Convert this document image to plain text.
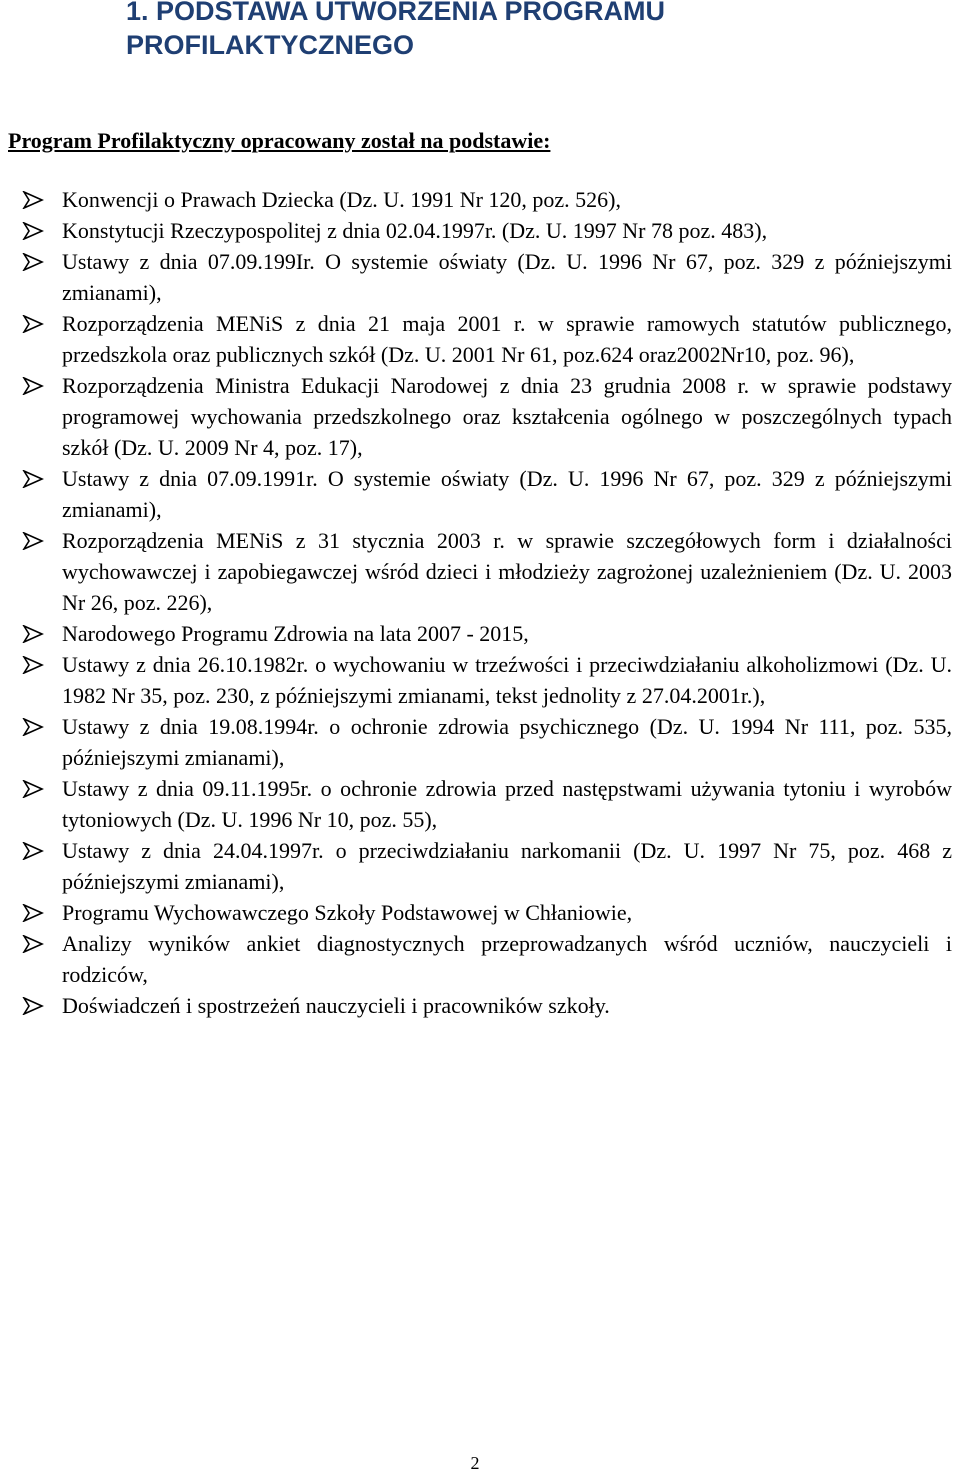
1. PODSTAWA UTWORZENIA PROGRAMU PROFILAKTYCZNEGO
Program Profilaktyczny opracowany został na podstawie:
Konwencji o Prawach Dziecka (Dz. U. 1991 Nr 120, poz. 526),
Konstytucji Rzeczypospolitej z dnia 02.04.1997r. (Dz. U. 1997 Nr 78 poz. 483),
Ustawy z dnia 07.09.199Ir. O systemie oświaty (Dz. U. 1996 Nr 67, poz. 329 z późniejszymi zmianami),
Rozporządzenia MENiS z dnia 21 maja 2001 r. w sprawie ramowych statutów publicznego, przedszkola oraz publicznych szkół (Dz. U. 2001 Nr 61, poz.624 oraz2002Nr10, poz. 96),
Rozporządzenia Ministra Edukacji Narodowej z dnia 23 grudnia 2008 r. w sprawie podstawy programowej wychowania przedszkolnego oraz kształcenia ogólnego w poszczególnych typach szkół (Dz. U. 2009 Nr 4, poz. 17),
Ustawy z dnia 07.09.1991r. O systemie oświaty (Dz. U. 1996 Nr 67, poz. 329 z późniejszymi zmianami),
Rozporządzenia MENiS z 31 stycznia 2003 r. w sprawie szczegółowych form i działalności wychowawczej i zapobiegawczej wśród dzieci i młodzieży zagrożonej uzależnieniem (Dz. U. 2003 Nr 26, poz. 226),
Narodowego Programu Zdrowia na lata 2007 - 2015,
Ustawy z dnia 26.10.1982r. o wychowaniu w trzeźwości i przeciwdziałaniu alkoholizmowi (Dz. U. 1982 Nr 35, poz. 230, z późniejszymi zmianami, tekst jednolity z 27.04.2001r.),
Ustawy z dnia 19.08.1994r. o ochronie zdrowia psychicznego (Dz. U. 1994 Nr 111, poz. 535, późniejszymi zmianami),
Ustawy z dnia 09.11.1995r. o ochronie zdrowia przed następstwami używania tytoniu i wyrobów tytoniowych (Dz. U. 1996 Nr 10, poz. 55),
Ustawy z dnia 24.04.1997r. o przeciwdziałaniu narkomanii (Dz. U. 1997 Nr 75, poz. 468 z późniejszymi zmianami),
Programu Wychowawczego Szkoły Podstawowej w Chłaniowie,
Analizy wyników ankiet diagnostycznych przeprowadzanych wśród uczniów, nauczycieli i rodziców,
Doświadczeń i spostrzeżeń nauczycieli i pracowników szkoły.
2
